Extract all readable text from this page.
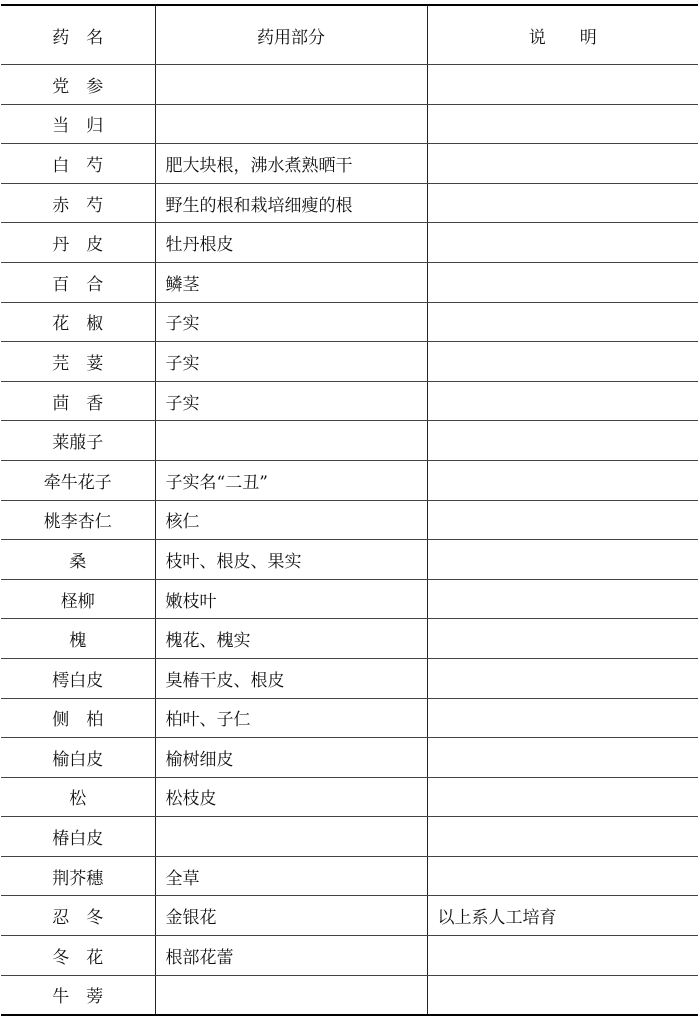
药　名	药用部分	说　　明
党　参		
当　归		
白　芍	肥大块根，沸水煮熟晒干	
赤　芍	野生的根和栽培细瘦的根	
丹　皮	牡丹根皮	
百　合	鳞茎	
花　椒	子实	
芫　荽	子实	
茴　香	子实	
莱菔子		
牵牛花子	子实名“二丑”	
桃李杏仁	核仁	
桑	枝叶、根皮、果实	
柽柳	嫩枝叶	
槐	槐花、槐实	
樗白皮	臭椿干皮、根皮	
侧　柏	柏叶、子仁	
榆白皮	榆树细皮	
松	松枝皮	
椿白皮		
荆芥穗	全草	
忍　冬	金银花	以上系人工培育
冬　花	根部花蕾	
牛　蒡		
